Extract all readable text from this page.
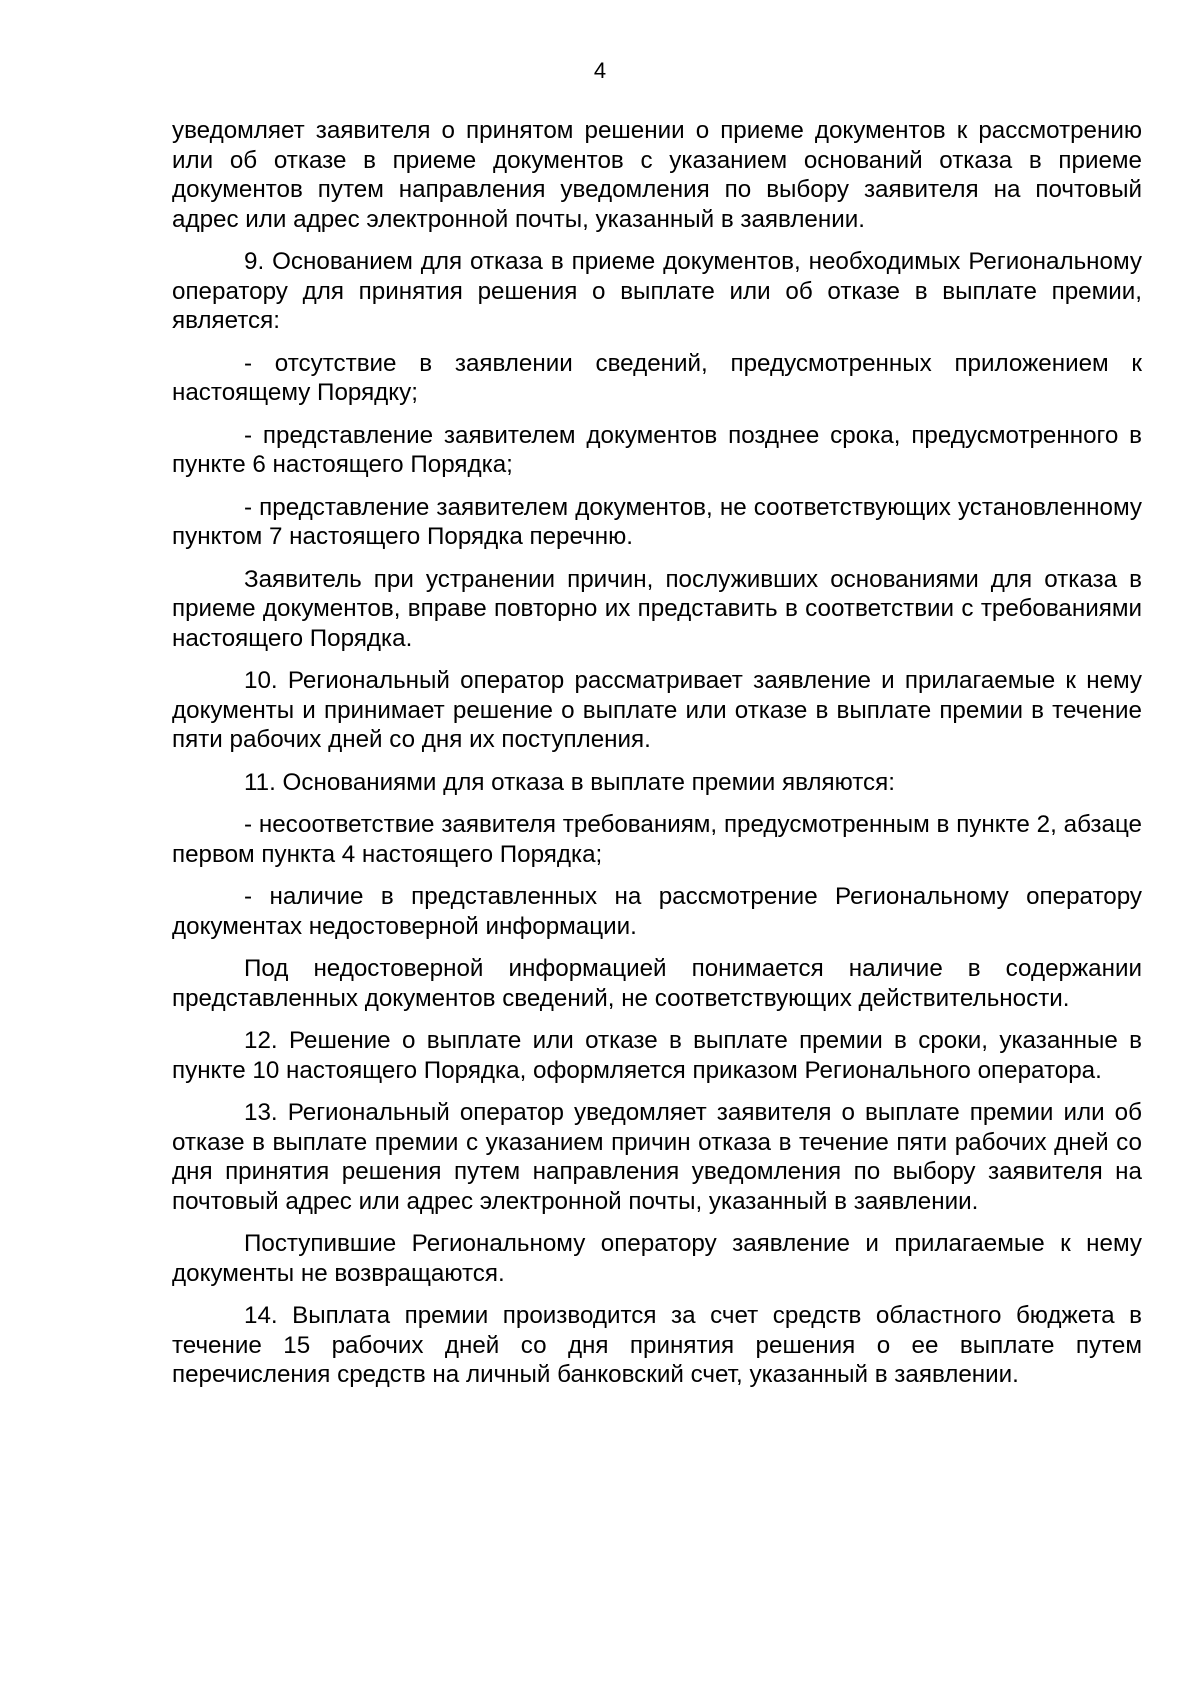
4

уведомляет заявителя о принятом решении о приеме документов к рассмотрению или об отказе в приеме документов с указанием оснований отказа в приеме документов путем направления уведомления по выбору заявителя на почтовый адрес или адрес электронной почты, указанный в заявлении.

9. Основанием для отказа в приеме документов, необходимых Региональному оператору для принятия решения о выплате или об отказе в выплате премии, является:

- отсутствие в заявлении сведений, предусмотренных приложением к настоящему Порядку;

- представление заявителем документов позднее срока, предусмотренного в пункте 6 настоящего Порядка;

- представление заявителем документов, не соответствующих установленному пунктом 7 настоящего Порядка перечню.

Заявитель при устранении причин, послуживших основаниями для отказа в приеме документов, вправе повторно их представить в соответствии с требованиями настоящего Порядка.

10. Региональный оператор рассматривает заявление и прилагаемые к нему документы и принимает решение о выплате или отказе в выплате премии в течение пяти рабочих дней со дня их поступления.

11. Основаниями для отказа в выплате премии являются:

- несоответствие заявителя требованиям, предусмотренным в пункте 2, абзаце первом пункта 4 настоящего Порядка;

- наличие в представленных на рассмотрение Региональному оператору документах недостоверной информации.

Под недостоверной информацией понимается наличие в содержании представленных документов сведений, не соответствующих действительности.

12. Решение о выплате или отказе в выплате премии в сроки, указанные в пункте 10 настоящего Порядка, оформляется приказом Регионального оператора.

13. Региональный оператор уведомляет заявителя о выплате премии или об отказе в выплате премии с указанием причин отказа в течение пяти рабочих дней со дня принятия решения путем направления уведомления по выбору заявителя на почтовый адрес или адрес электронной почты, указанный в заявлении.

Поступившие Региональному оператору заявление и прилагаемые к нему документы не возвращаются.

14. Выплата премии производится за счет средств областного бюджета в течение 15 рабочих дней со дня принятия решения о ее выплате путем перечисления средств на личный банковский счет, указанный в заявлении.
